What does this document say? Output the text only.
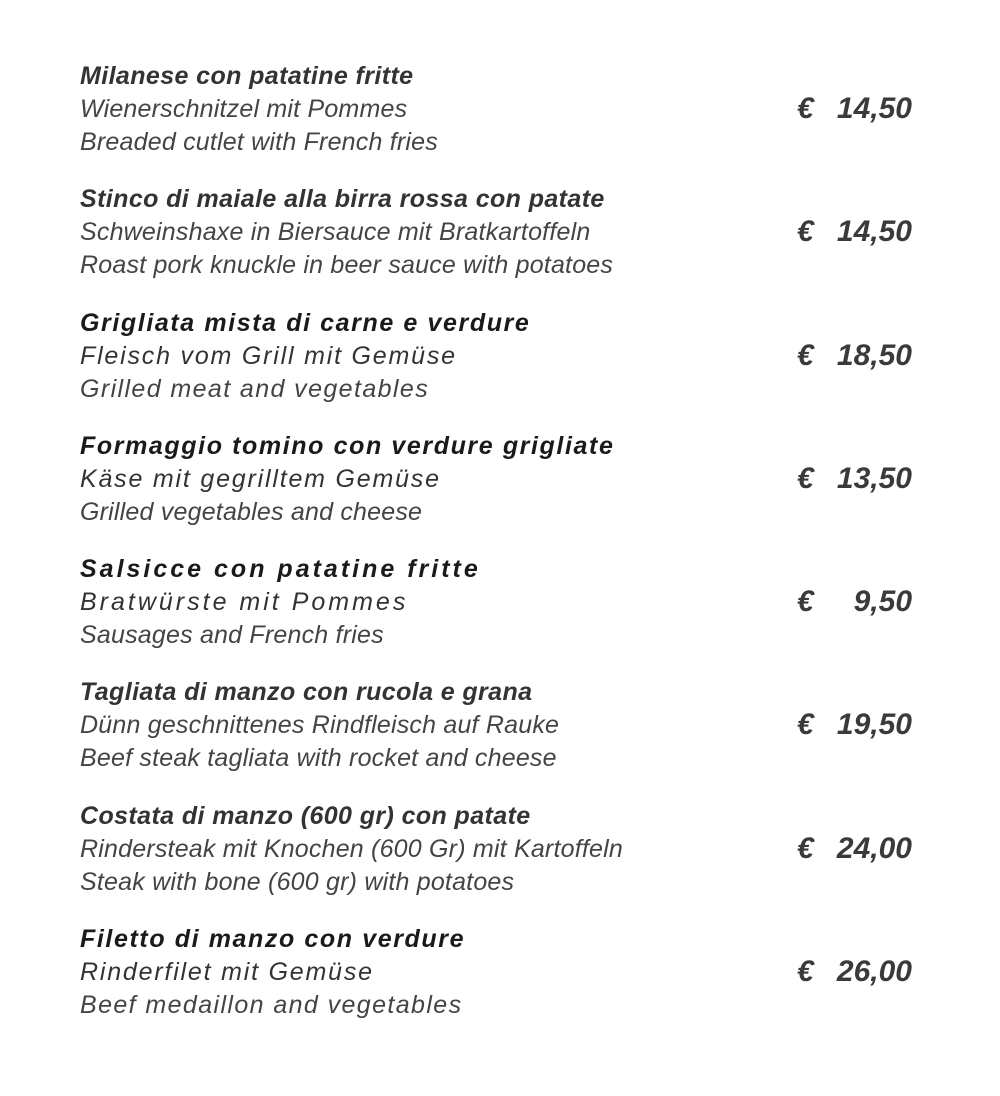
Milanese con patatine fritte
Wienerschnitzel mit Pommes
Breaded cutlet with French fries
€ 14,50
Stinco di maiale alla birra rossa con patate
Schweinshaxe in Biersauce mit Bratkartoffeln
Roast pork knuckle in beer sauce with potatoes
€ 14,50
Grigliata mista di carne e verdure
Fleisch vom Grill mit Gemüse
Grilled meat and vegetables
€ 18,50
Formaggio tomino con verdure grigliate
Käse mit gegrilltem Gemüse
Grilled vegetables and cheese
€ 13,50
Salsicce con patatine fritte
Bratwürste mit Pommes
Sausages and French fries
€ 9,50
Tagliata di manzo con rucola e grana
Dünn geschnittenes Rindfleisch auf Rauke
Beef steak tagliata with rocket and cheese
€ 19,50
Costata di manzo (600 gr) con patate
Rindersteak mit Knochen (600 Gr) mit Kartoffeln
Steak with bone (600 gr) with potatoes
€ 24,00
Filetto di manzo con verdure
Rinderfilet mit Gemüse
Beef medaillon and vegetables
€ 26,00
